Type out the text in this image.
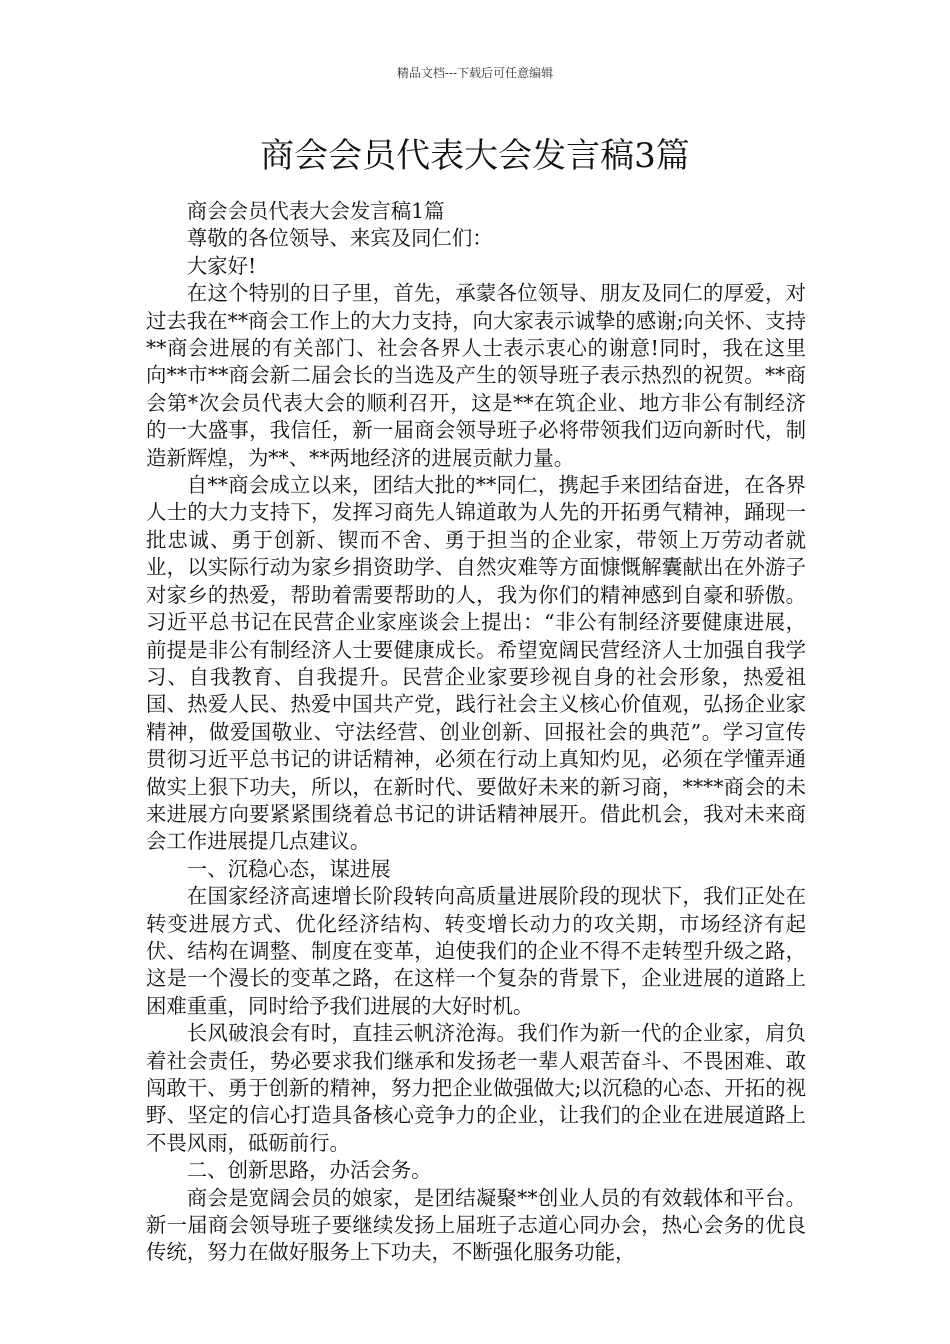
精品文档---下载后可任意编辑
商会会员代表大会发言稿3篇

商会会员代表大会发言稿1篇

尊敬的各位领导、来宾及同仁们：

大家好!

在这个特别的日子里，首先，承蒙各位领导、朋友及同仁的厚爱，对过去我在**商会工作上的大力支持，向大家表示诚挚的感谢;向关怀、支持**商会进展的有关部门、社会各界人士表示衷心的谢意!同时，我在这里向**市**商会新二届会长的当选及产生的领导班子表示热烈的祝贺。**商会第*次会员代表大会的顺利召开，这是**在筑企业、地方非公有制经济的一大盛事，我信任，新一届商会领导班子必将带领我们迈向新时代，制造新辉煌，为**、**两地经济的进展贡献力量。

自**商会成立以来，团结大批的**同仁，携起手来团结奋进，在各界人士的大力支持下，发挥习商先人锦道敢为人先的开拓勇气精神，踊现一批忠诚、勇于创新、锲而不舍、勇于担当的企业家，带领上万劳动者就业，以实际行动为家乡捐资助学、自然灾难等方面慷慨解囊献出在外游子对家乡的热爱，帮助着需要帮助的人，我为你们的精神感到自豪和骄傲。习近平总书记在民营企业家座谈会上提出：“非公有制经济要健康进展，前提是非公有制经济人士要健康成长。希望宽阔民营经济人士加强自我学习、自我教育、自我提升。民营企业家要珍视自身的社会形象，热爱祖国、热爱人民、热爱中国共产党，践行社会主义核心价值观，弘扬企业家精神，做爱国敬业、守法经营、创业创新、回报社会的典范”。学习宣传贯彻习近平总书记的讲话精神，必须在行动上真知灼见，必须在学懂弄通做实上狠下功夫，所以，在新时代、要做好未来的新习商，****商会的未来进展方向要紧紧围绕着总书记的讲话精神展开。借此机会，我对未来商会工作进展提几点建议。

一、沉稳心态，谋进展

在国家经济高速增长阶段转向高质量进展阶段的现状下，我们正处在转变进展方式、优化经济结构、转变增长动力的攻关期，市场经济有起伏、结构在调整、制度在变革，迫使我们的企业不得不走转型升级之路，这是一个漫长的变革之路，在这样一个复杂的背景下，企业进展的道路上困难重重，同时给予我们进展的大好时机。

长风破浪会有时，直挂云帆济沧海。我们作为新一代的企业家，肩负着社会责任，势必要求我们继承和发扬老一辈人艰苦奋斗、不畏困难、敢闯敢干、勇于创新的精神，努力把企业做强做大;以沉稳的心态、开拓的视野、坚定的信心打造具备核心竞争力的企业，让我们的企业在进展道路上不畏风雨，砥砺前行。

二、创新思路，办活会务。

商会是宽阔会员的娘家，是团结凝聚**创业人员的有效载体和平台。新一届商会领导班子要继续发扬上届班子志道心同办会，热心会务的优良传统，努力在做好服务上下功夫，不断强化服务功能，
